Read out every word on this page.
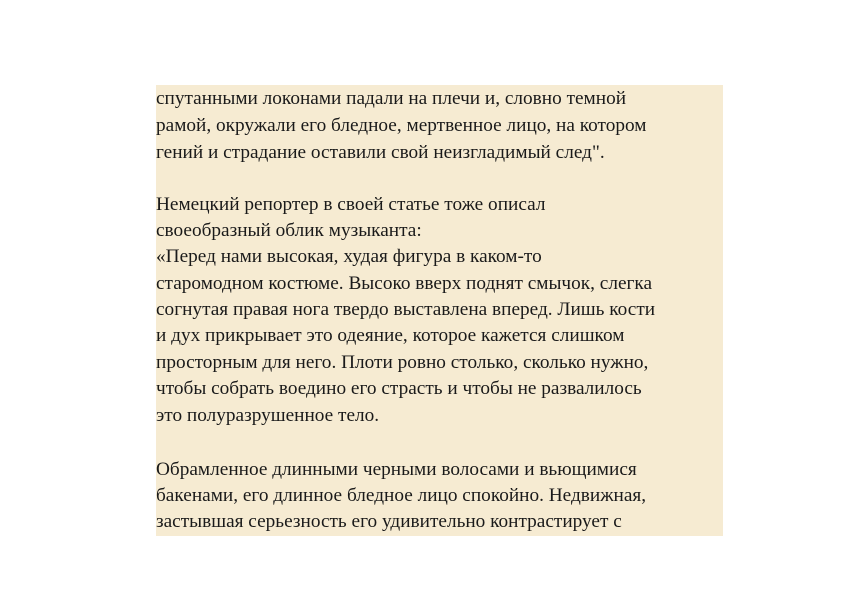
спутанными локонами падали на плечи и, словно темной
рамой, окружали его бледное, мертвенное лицо, на котором
гений и страдание оставили свой неизгладимый след".
Немецкий репортер в своей статье тоже описал
своеобразный облик музыканта:
«Перед нами высокая, худая фигура в каком-то
старомодном костюме. Высоко вверх поднят смычок, слегка
согнутая правая нога твердо выставлена вперед. Лишь кости
и дух прикрывает это одеяние, которое кажется слишком
просторным для него. Плоти ровно столько, сколько нужно,
чтобы собрать воедино его страсть и чтобы не развалилось
это полуразрушенное тело.
Обрамленное длинными черными волосами и вьющимися
бакенами, его длинное бледное лицо спокойно. Недвижная,
застывшая серьезность его удивительно контрастирует с
